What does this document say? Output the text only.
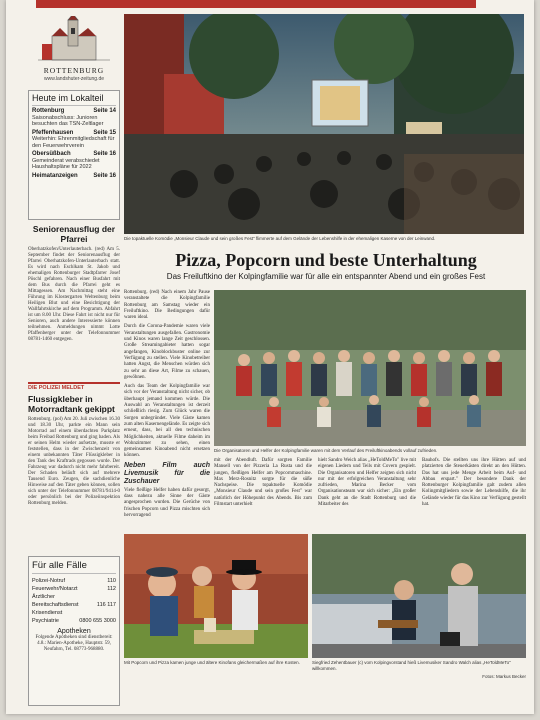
ROTTENBURG
www.landshuter-zeitung.de
Heute im Lokalteil
Rottenburg	Seite 14
Saisonabschluss: Junioren besuchten das TSN-Zeltlager
Pfeffenhausen	Seite 15
Weiterhin: Ehrenmitgliedschaft für den Feuerwehrverein
Obersüßbach	Seite 16
Gemeinderat verabschiedet Haushaltspläne für 2022
Heimatanzeigen	Seite 16
Seniorenausflug der Pfarrei

Oberhatzkofen/Unterlauterbach. (red) Am 5. September findet der Seniorenausflug der Pfarrei Oberhatzkofen-Unterlauterbach statt. Es wird nach Eschlkam St. Jakob und ehemaligen Rottenburger Stadtpfarrer Josef Pöschl gefahren. Nach einer Busfahrt mit dem Bus durch die Pfarrei geht es Mittagessen. Am Nachmittag steht eine Führung im Klostergarten Weltenburg beim Heiligen Blut und eine Besichtigung der Wallfahrtskirche auf dem Programm. Abfahrt ist um 8.00 Uhr. Diese Fahrt ist nicht nur für Senioren, auch andere Interessierte können teilnehmen. Anmeldungen nimmt Lotte Pfaffenberger unter der Telefonnummer 08781-1460 entgegen.

DIE POLIZEI MELDET
Flussigkleber in Motorradtank gekippt

Rottenburg. (pol) Am 20. Juli zwischen 16.30 und 18.30 Uhr, parkte ein Mann sein Motorrad auf einem überdachten Parkplatz beim Freibad Rottenburg und ging baden. Als er seinen Helm wieder aufsetzte, musste er feststellen, dass in der Zwischenzeit von einem unbekannten Täter Flüssigkleber in den Tank des Kraftrads gegossen wurde. Der Fahrzeug war dadurch nicht mehr fahrbereit. Der Schaden beläuft sich auf mehrere Tausend Euro. Zeugen, die sachdienliche Hinweise auf den Täter geben können, sollen sich unter der Telefonnummer 08781/9414-0 oder persönlich bei der Polizeiinspektion Rottenburg melden.

Für alle Fälle
Polizei-Notruf	110
Feuerwehr/Notarzt	112
Ärztlicher
Bereitschaftsdienst	116 117
Krisendienst
Psychiatrie	0800 655 3000
Apotheken
Folgende Apotheken sind dienstbereit: 4.8.: Marien-Apotheke, Hauptstr. 59, Neufahrn, Tel. 08773-968880.
Die topaktuelle Komödie „Monsieur Claude und sein großes Fest" flimmerte auf dem Gelände der Lebenshilfe in der ehemaligen Kaserne von der Leinwand.
Pizza, Popcorn und beste Unterhaltung
Das Freiluftkino der Kolpingfamilie war für alle ein entspannter Abend und ein großes Fest

Rottenburg. (red) Nach einem Jahr Pause veranstaltete die Kolpingfamilie Rottenburg am Samstag wieder ein Freiluftkino. Die Bedingungen dafür waren ideal.

Durch die Corona-Pandemie waren viele Veranstaltungen ausgefallen. Gastronomie und Kinos waren lange Zeit geschlossen. Große Streamingabieter hatten sogar angefangen, Kinoblockbuster online zur Verfügung zu stellen. Viele Kinobetreiber hatten Angst, die Menschen würden sich zu sehr an diese Art, Filme zu schauen, gewöhnen.

Auch das Team der Kolpingfamilie war sich vor der Veranstaltung nicht sicher, ob überhaupt jemand kommen würde. Die Auswahl an Veranstaltungen ist derzeit schließlich riesig. Zum Glück waren die Sorgen unbegründet. Viele Gäste kamen zum alten Kasernengelände. Es zeigte sich erneut, dass, bei all den technischen Möglichkeiten, aktuelle Filme daheim im Wohnzimmer zu sehen, einen gemeinsamen Kinoabend nicht ersetzen können.

Neben Film auch Livemusik für die Zuschauer

Viele fleißige Helfer haben dafür gesorgt, dass nahezu alle Sinne der Gäste angesprochen wurden. Die Gerüche von frischen Popcorn und Pizza mischten sich hervorragend

Die Organisatoren und Helfer der Kolpingfamilie waren mit dem Verlauf des Freiluftkinoabends vollauf zufrieden.
mit der Abendluft. Dafür sorgten Familie Mansell von der Pizzeria La Rusta und die jungen, fleißigen Helfer am Popcornmaschine. Max Merz-Rosnitz sorgte für die süße Nachspeise. Die topaktuelle Komödie „Monsieur Claude und sein großes Fest" war natürlich der Höhepunkt des Abends. Bis zum Filmstart unterhielt
hielt Sandro Weich alias „HeToldMeTo" live mit eigenen Liedern und Teils mit Covern gespielt. Die Organisatoren und Helfer zeigten sich nicht nur mit der erfolgreichen Veranstaltung sehr zufrieden, Marina Becker vom Organisationsteam war sich sicher: „Ein großer Dank geht an die Stadt Rottenburg und die Mitarbeiter des
Bauhofs. Die stellten uns ihre Hütten auf und platzierten die Steuerkästen direkt an den Hütten. Das hat uns jede Menge Arbeit beim Auf- und Abbau erspart." Der besondere Dank der Rottenburger Kolpingfamilie galt zudem allen Kolingmitgliedern sowie der Lebenshilfe, die ihr Gelände wieder für das Kino zur Verfügung gestellt hat.
Mit Popcorn und Pizza kamen junge und ältere Kinofans gleichermaßen auf ihre Kosten.	Siegfried Zehentbauer (c) vom Kolpingvorstand hieß Livemusiker Sandro Walch alias „HeToldMeTo" willkommen.
Fotos: Markus Becker
